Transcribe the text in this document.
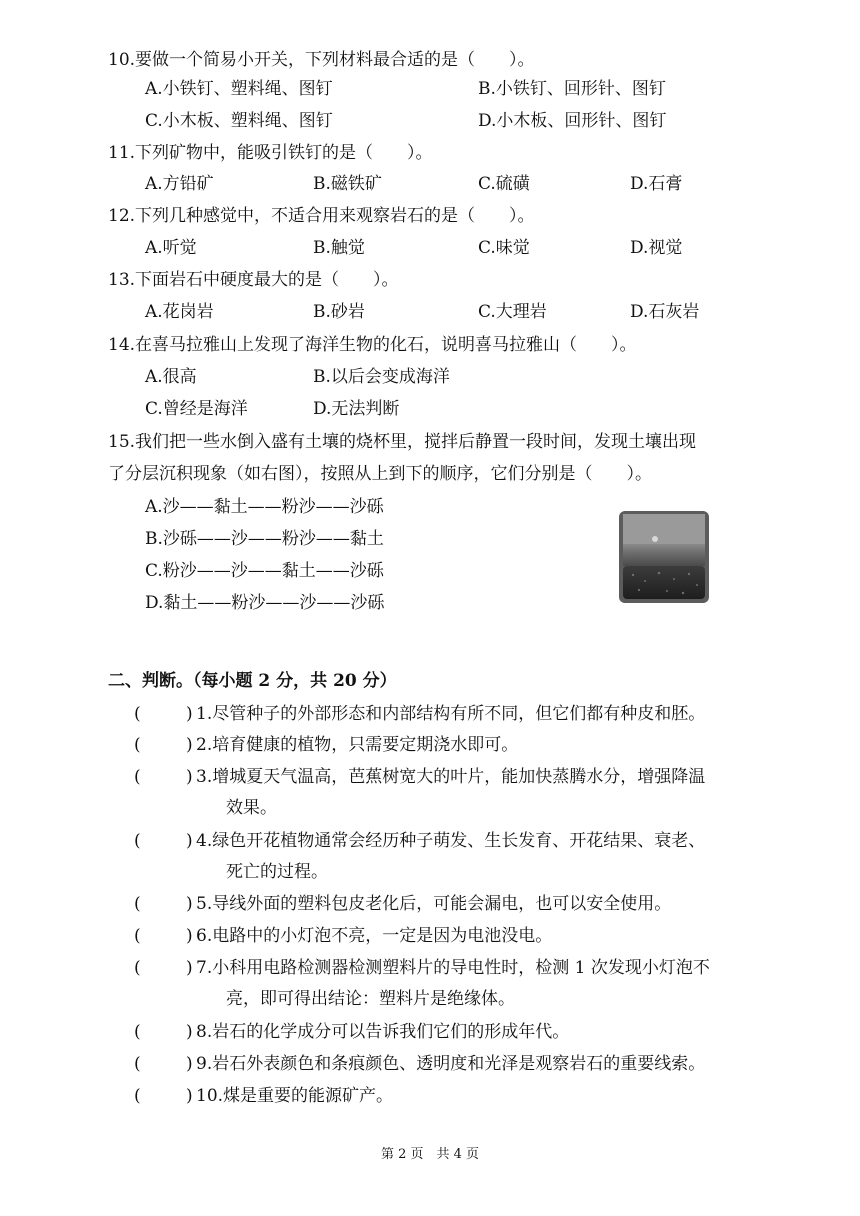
10.要做一个简易小开关，下列材料最合适的是（　　）。
A.小铁钉、塑料绳、图钉	B.小铁钉、回形针、图钉
C.小木板、塑料绳、图钉	D.小木板、回形针、图钉
11.下列矿物中，能吸引铁钉的是（　　）。
A.方铅矿	B.磁铁矿	C.硫磺	D.石膏
12.下列几种感觉中，不适合用来观察岩石的是（　　）。
A.听觉	B.触觉	C.味觉	D.视觉
13.下面岩石中硬度最大的是（　　）。
A.花岗岩	B.砂岩	C.大理岩	D.石灰岩
14.在喜马拉雅山上发现了海洋生物的化石，说明喜马拉雅山（　　）。
A.很高	B.以后会变成海洋
C.曾经是海洋	D.无法判断
15.我们把一些水倒入盛有土壤的烧杯里，搅拌后静置一段时间，发现土壤出现
了分层沉积现象（如右图），按照从上到下的顺序，它们分别是（　　）。
A.沙——黏土——粉沙——沙砾
B.沙砾——沙——粉沙——黏土
C.粉沙——沙——黏土——沙砾
D.黏土——粉沙——沙——沙砾
二、判断。（每小题 2 分，共 20 分）
(	) 1.尽管种子的外部形态和内部结构有所不同，但它们都有种皮和胚。
(	) 2.培育健康的植物，只需要定期浇水即可。
(	) 3.增城夏天气温高，芭蕉树宽大的叶片，能加快蒸腾水分，增强降温
效果。
(	) 4.绿色开花植物通常会经历种子萌发、生长发育、开花结果、衰老、
死亡的过程。
(	) 5.导线外面的塑料包皮老化后，可能会漏电，也可以安全使用。
(	) 6.电路中的小灯泡不亮，一定是因为电池没电。
(	) 7.小科用电路检测器检测塑料片的导电性时，检测 1 次发现小灯泡不
亮，即可得出结论：塑料片是绝缘体。
(	) 8.岩石的化学成分可以告诉我们它们的形成年代。
(	) 9.岩石外表颜色和条痕颜色、透明度和光泽是观察岩石的重要线索。
(	) 10.煤是重要的能源矿产。
第 2 页　共 4 页
